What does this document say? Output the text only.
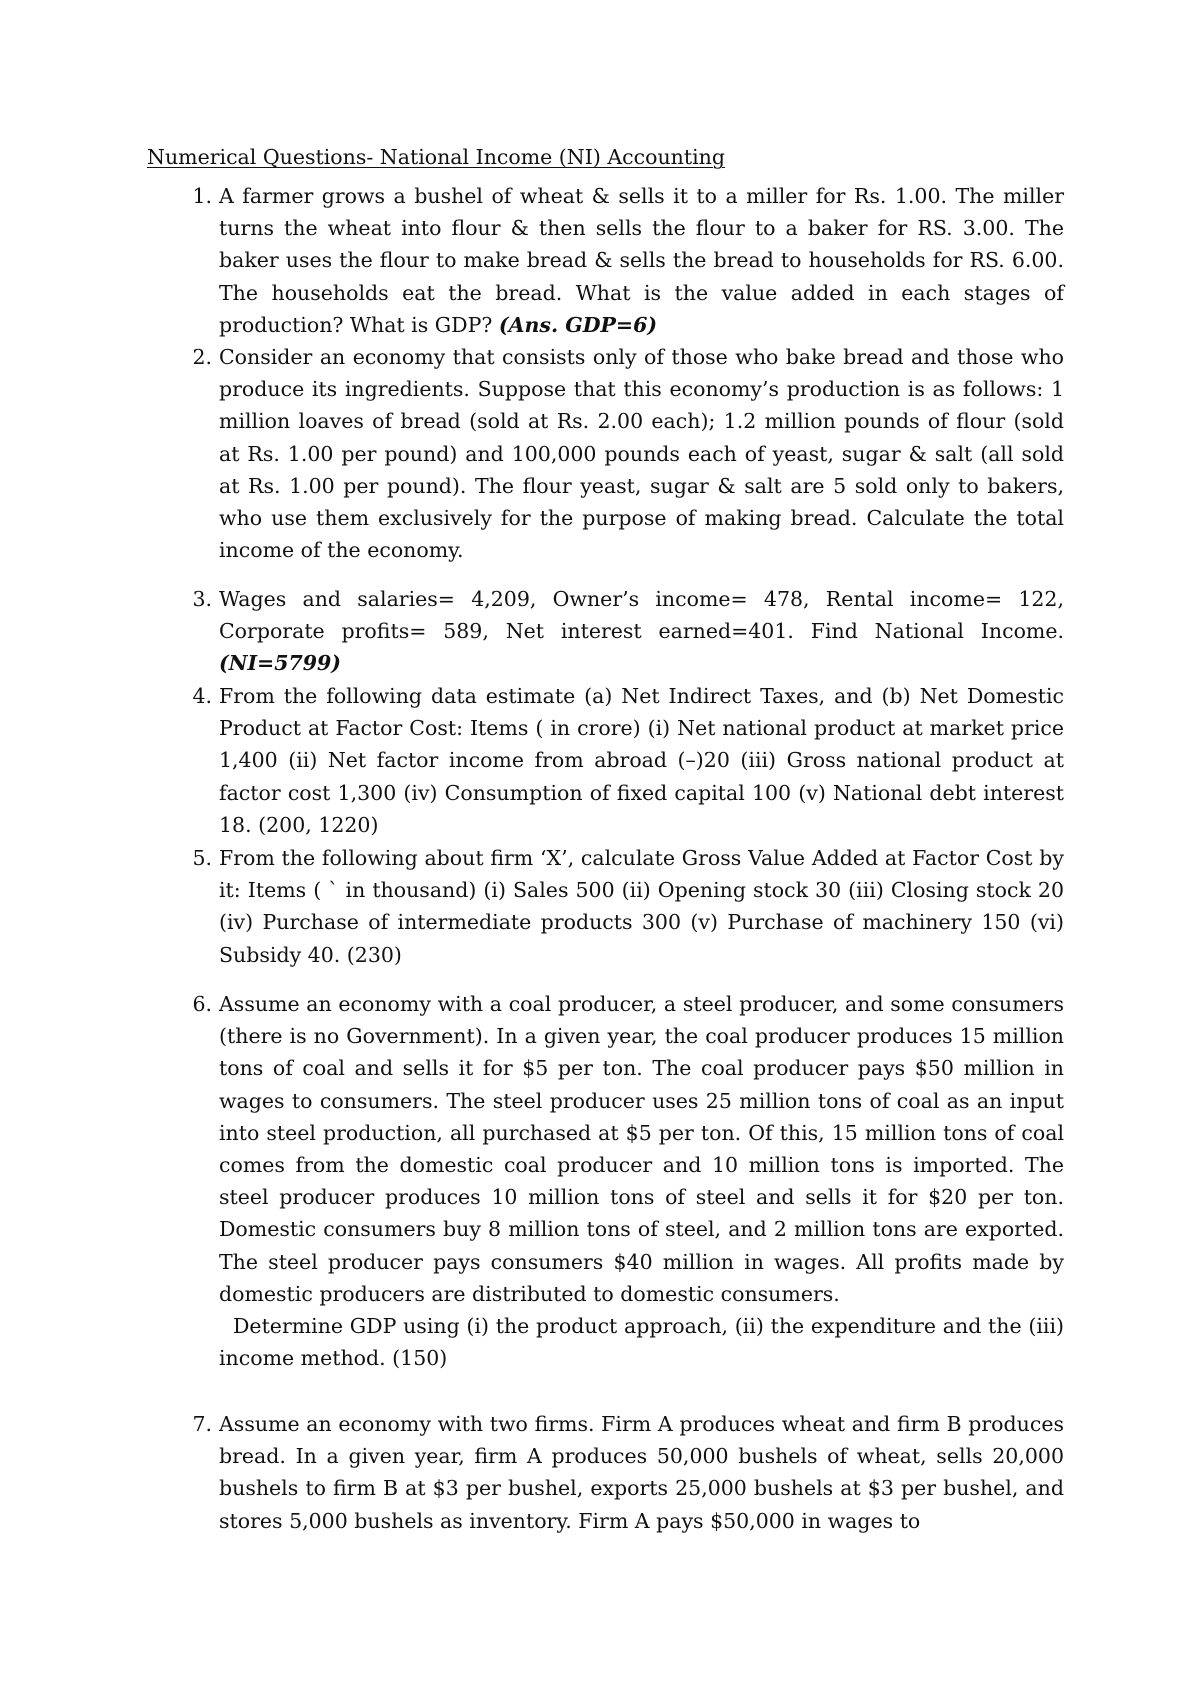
Numerical Questions- National Income (NI) Accounting
1. A farmer grows a bushel of wheat & sells it to a miller for Rs. 1.00. The miller turns the wheat into flour & then sells the flour to a baker for RS. 3.00. The baker uses the flour to make bread & sells the bread to households for RS. 6.00. The households eat the bread. What is the value added in each stages of production? What is GDP? (Ans. GDP=6)
2. Consider an economy that consists only of those who bake bread and those who produce its ingredients. Suppose that this economy’s production is as follows: 1 million loaves of bread (sold at Rs. 2.00 each); 1.2 million pounds of flour (sold at Rs. 1.00 per pound) and 100,000 pounds each of yeast, sugar & salt (all sold at Rs. 1.00 per pound). The flour yeast, sugar & salt are 5 sold only to bakers, who use them exclusively for the purpose of making bread. Calculate the total income of the economy.
3. Wages and salaries= 4,209, Owner’s income= 478, Rental income= 122, Corporate profits= 589, Net interest earned=401. Find National Income. (NI=5799)
4. From the following data estimate (a) Net Indirect Taxes, and (b) Net Domestic Product at Factor Cost: Items ( in crore) (i) Net national product at market price 1,400 (ii) Net factor income from abroad (–)20 (iii) Gross national product at factor cost 1,300 (iv) Consumption of fixed capital 100 (v) National debt interest 18. (200, 1220)
5. From the following about firm ‘X’, calculate Gross Value Added at Factor Cost by it: Items ( ` in thousand) (i) Sales 500 (ii) Opening stock 30 (iii) Closing stock 20 (iv) Purchase of intermediate products 300 (v) Purchase of machinery 150 (vi) Subsidy 40. (230)
6. Assume an economy with a coal producer, a steel producer, and some consumers (there is no Government). In a given year, the coal producer produces 15 million tons of coal and sells it for $5 per ton. The coal producer pays $50 million in wages to consumers. The steel producer uses 25 million tons of coal as an input into steel production, all purchased at $5 per ton. Of this, 15 million tons of coal comes from the domestic coal producer and 10 million tons is imported. The steel producer produces 10 million tons of steel and sells it for $20 per ton. Domestic consumers buy 8 million tons of steel, and 2 million tons are exported. The steel producer pays consumers $40 million in wages. All profits made by domestic producers are distributed to domestic consumers.
Determine GDP using (i) the product approach, (ii) the expenditure and the (iii) income method. (150)
7. Assume an economy with two firms. Firm A produces wheat and firm B produces bread. In a given year, firm A produces 50,000 bushels of wheat, sells 20,000 bushels to firm B at $3 per bushel, exports 25,000 bushels at $3 per bushel, and stores 5,000 bushels as inventory. Firm A pays $50,000 in wages to
